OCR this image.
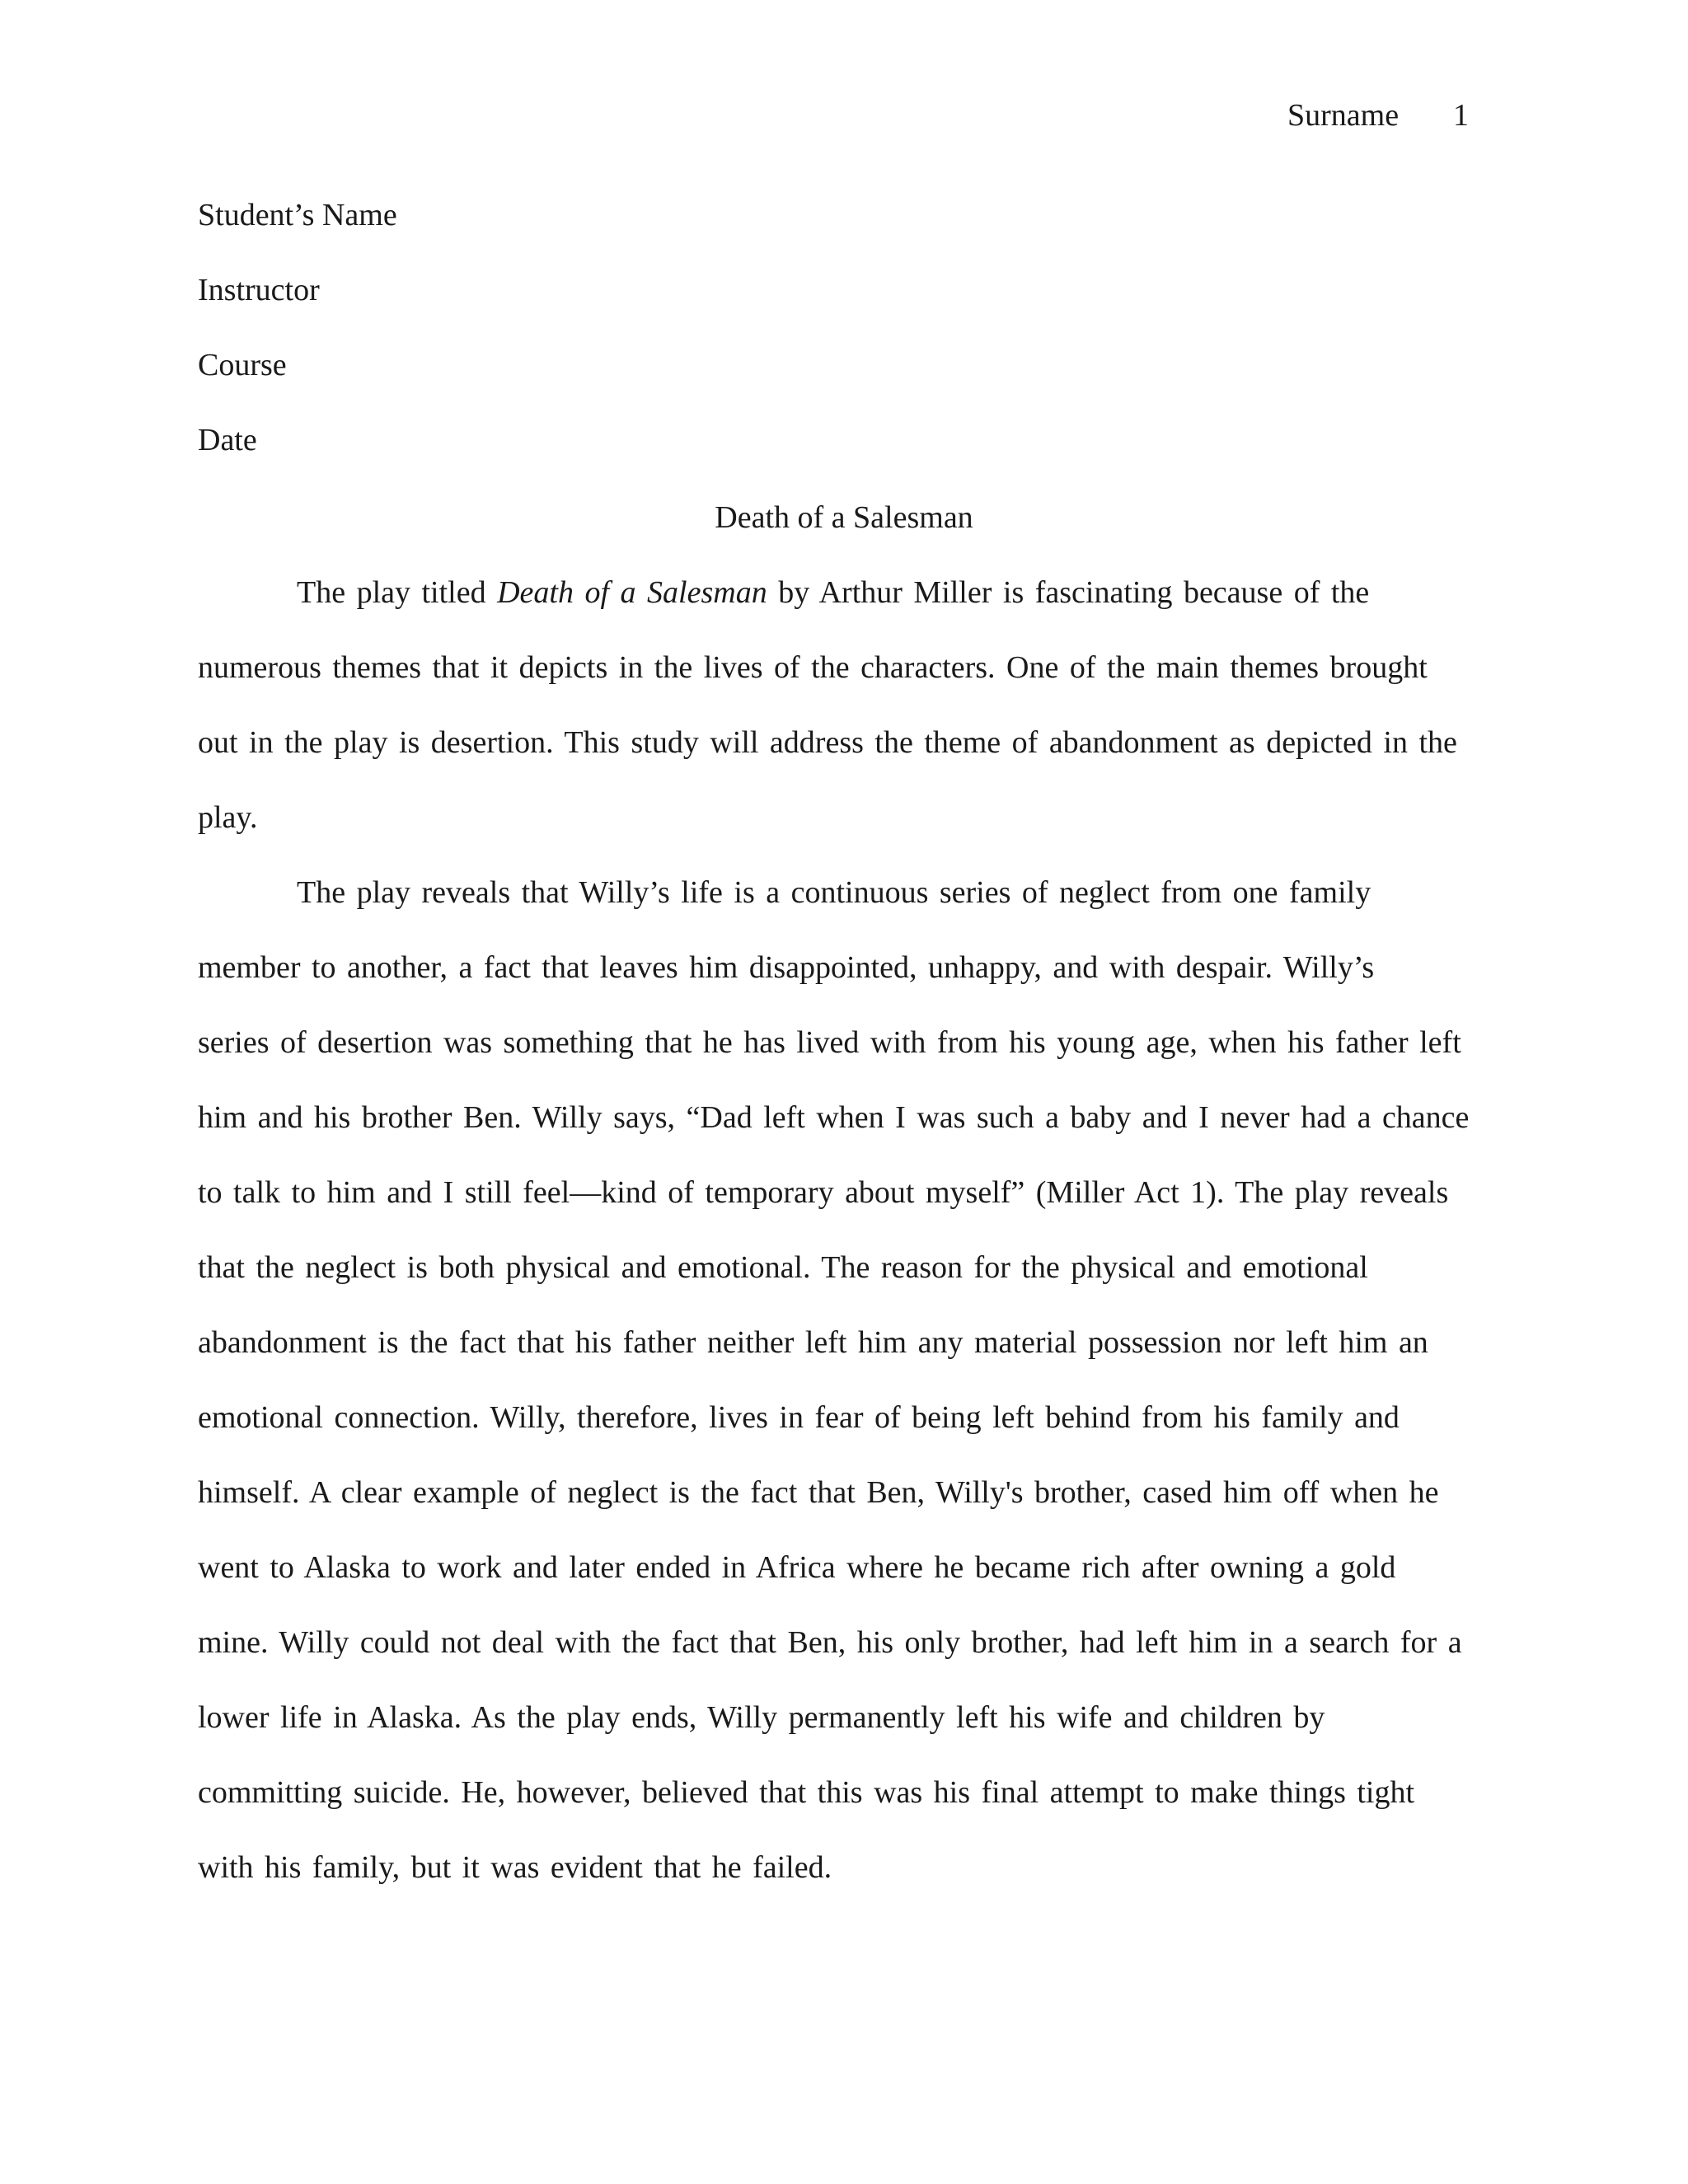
Surname 1
Student’s Name
Instructor
Course
Date
Death of a Salesman
The play titled Death of a Salesman by Arthur Miller is fascinating because of the
numerous themes that it depicts in the lives of the characters. One of the main themes brought
out in the play is desertion. This study will address the theme of abandonment as depicted in the
play.
The play reveals that Willy’s life is a continuous series of neglect from one family
member to another, a fact that leaves him disappointed, unhappy, and with despair. Willy’s
series of desertion was something that he has lived with from his young age, when his father left
him and his brother Ben. Willy says, “Dad left when I was such a baby and I never had a chance
to talk to him and I still feel—kind of temporary about myself” (Miller Act 1). The play reveals
that the neglect is both physical and emotional. The reason for the physical and emotional
abandonment is the fact that his father neither left him any material possession nor left him an
emotional connection. Willy, therefore, lives in fear of being left behind from his family and
himself. A clear example of neglect is the fact that Ben, Willy's brother, cased him off when he
went to Alaska to work and later ended in Africa where he became rich after owning a gold
mine. Willy could not deal with the fact that Ben, his only brother, had left him in a search for a
lower life in Alaska. As the play ends, Willy permanently left his wife and children by
committing suicide. He, however, believed that this was his final attempt to make things tight
with his family, but it was evident that he failed.
